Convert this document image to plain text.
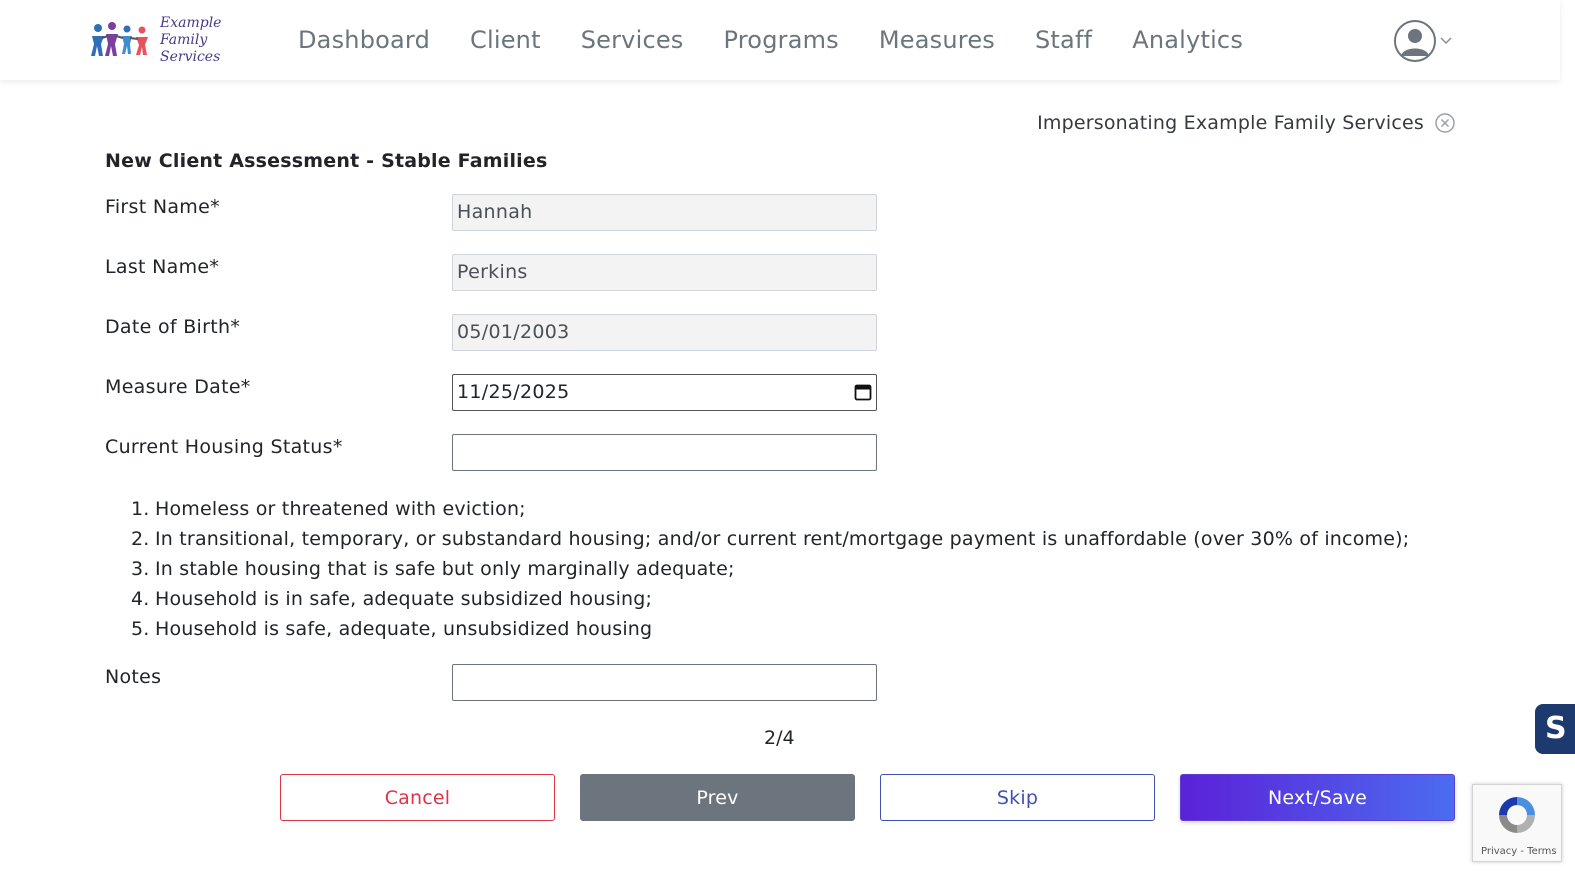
Example
Family Services
Dashboard Client Services Programs Measures Staff Analytics
Impersonating Example Family Services
New Client Assessment - Stable Families
First Name*	Hannah
Last Name*	Perkins
Date of Birth*	05/01/2003
Measure Date*	11/25/2025
Current Housing Status*
1. Homeless or threatened with eviction;
2. In transitional, temporary, or substandard housing; and/or current rent/mortgage payment is unaffordable (over 30% of income);
3. In stable housing that is safe but only marginally adequate;
4. Household is in safe, adequate subsidized housing;
5. Household is safe, adequate, unsubsidized housing
Notes
2/4
Cancel	Prev	Skip	Next/Save
S
Privacy - Terms
